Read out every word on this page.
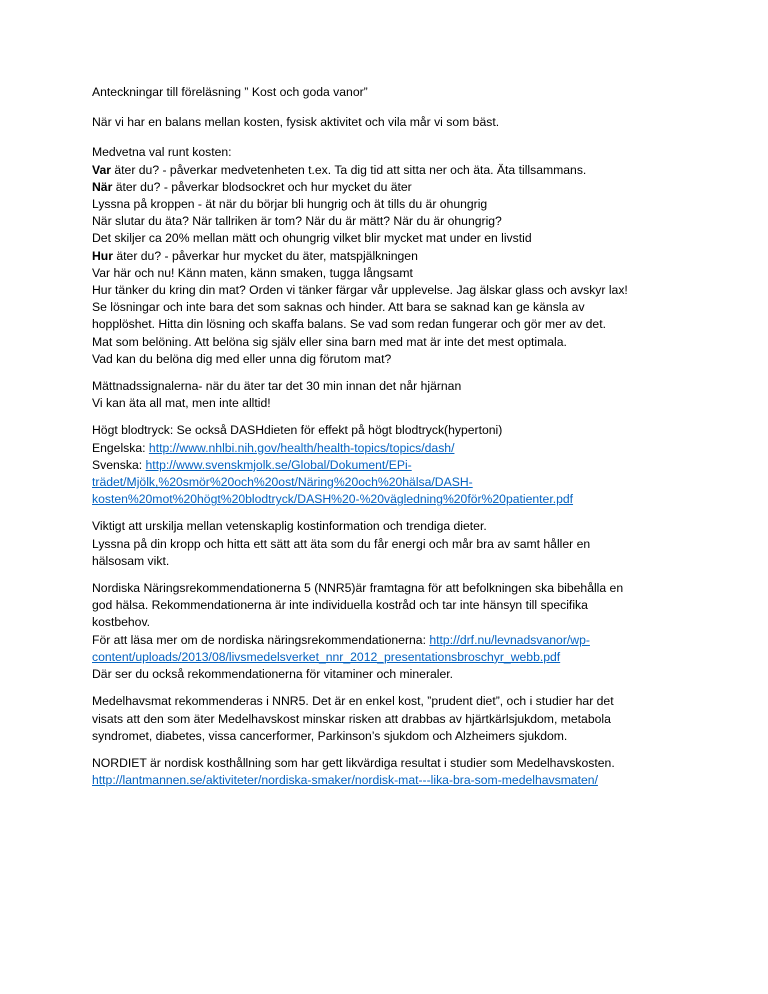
Anteckningar till föreläsning ” Kost och goda vanor”
När vi har en balans mellan kosten, fysisk aktivitet och vila mår vi som bäst.
Medvetna val runt kosten:
Var äter du? - påverkar medvetenheten t.ex. Ta dig tid att sitta ner och äta. Äta tillsammans.
När äter du? - påverkar blodsockret och hur mycket du äter
Lyssna på kroppen - ät när du börjar bli hungrig och ät tills du är ohungrig
När slutar du äta? När tallriken är tom? När du är mätt? När du är ohungrig?
Det skiljer ca 20% mellan mätt och ohungrig vilket blir mycket mat under en livstid
Hur äter du? - påverkar hur mycket du äter, matspjälkningen
Var här och nu! Känn maten, känn smaken, tugga långsamt
Hur tänker du kring din mat? Orden vi tänker färgar vår upplevelse. Jag älskar glass och avskyr lax!
Se lösningar och inte bara det som saknas och hinder. Att bara se saknad kan ge känsla av
hopplöshet. Hitta din lösning och skaffa balans. Se vad som redan fungerar och gör mer av det.
Mat som belöning. Att belöna sig själv eller sina barn med mat är inte det mest optimala.
Vad kan du belöna dig med eller unna dig förutom mat?
Mättnadssignalerna- när du äter tar det 30 min innan det når hjärnan
Vi kan äta all mat, men inte alltid!
Högt blodtryck: Se också DASHdieten för effekt på högt blodtryck(hypertoni)
Engelska: http://www.nhlbi.nih.gov/health/health-topics/topics/dash/
Svenska: http://www.svenskmjolk.se/Global/Dokument/EPi-
trädet/Mjölk,%20smör%20och%20ost/Näring%20och%20hälsa/DASH-
kosten%20mot%20högt%20blodtryck/DASH%20-%20vägledning%20för%20patienter.pdf
Viktigt att urskilja mellan vetenskaplig kostinformation och trendiga dieter.
Lyssna på din kropp och hitta ett sätt att äta som du får energi och mår bra av samt håller en
hälsosam vikt.
Nordiska Näringsrekommendationerna 5 (NNR5)är framtagna för att befolkningen ska bibehålla en
god hälsa. Rekommendationerna är inte individuella kostråd och tar inte hänsyn till specifika
kostbehov.
För att läsa mer om de nordiska näringsrekommendationerna: http://drf.nu/levnadsvanor/wp-
content/uploads/2013/08/livsmedelsverket_nnr_2012_presentationsbroschyr_webb.pdf
Där ser du också rekommendationerna för vitaminer och mineraler.
Medelhavsmat rekommenderas i NNR5. Det är en enkel kost, ”prudent diet”, och i studier har det
visats att den som äter Medelhavskost minskar risken att drabbas av hjärtkärlsjukdom, metabola
syndromet, diabetes, vissa cancerformer, Parkinson’s sjukdom och Alzheimers sjukdom.
NORDIET är nordisk kosthållning som har gett likvärdiga resultat i studier som Medelhavskosten.
http://lantmannen.se/aktiviteter/nordiska-smaker/nordisk-mat---lika-bra-som-medelhavsmaten/
